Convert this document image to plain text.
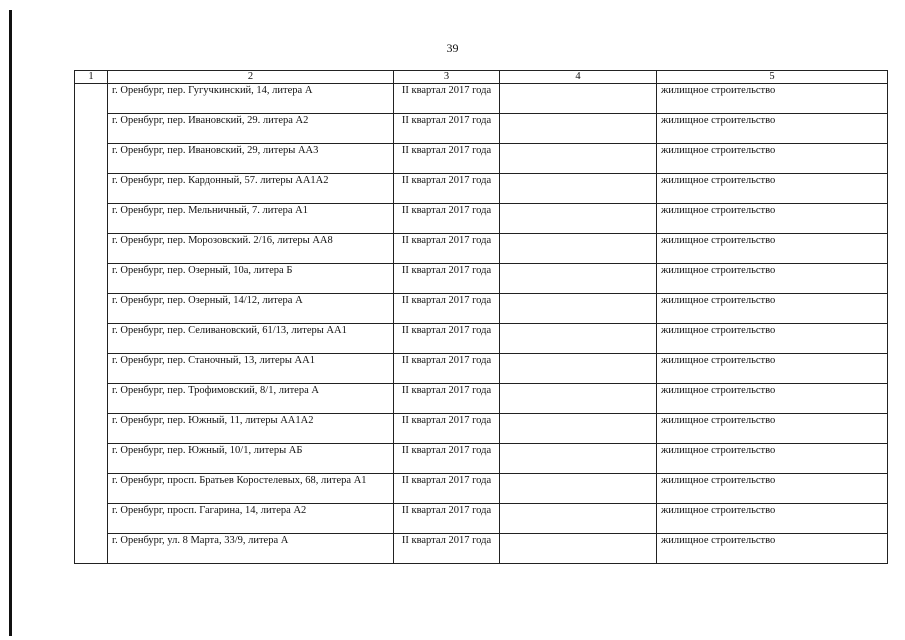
39
1	2	3	4	5
	г. Оренбург, пер. Гугучкинский, 14, литера А	II квартал 2017 года		жилищное строительство
	г. Оренбург, пер. Ивановский, 29. литера А2	II квартал 2017 года		жилищное строительство
	г. Оренбург, пер. Ивановский, 29, литеры АА3	II квартал 2017 года		жилищное строительство
	г. Оренбург, пер. Кардонный, 57. литеры АА1А2	II квартал 2017 года		жилищное строительство
	г. Оренбург, пер. Мельничный, 7. литера А1	II квартал 2017 года		жилищное строительство
	г. Оренбург, пер. Морозовский. 2/16, литеры АА8	II квартал 2017 года		жилищное строительство
	г. Оренбург, пер. Озерный, 10а, литера Б	II квартал 2017 года		жилищное строительство
	г. Оренбург, пер. Озерный, 14/12, литера А	II квартал 2017 года		жилищное строительство
	г. Оренбург, пер. Селивановский, 61/13, литеры АА1	II квартал 2017 года		жилищное строительство
	г. Оренбург, пер. Станочный, 13, литеры АА1	II квартал 2017 года		жилищное строительство
	г. Оренбург, пер. Трофимовский, 8/1, литера А	II квартал 2017 года		жилищное строительство
	г. Оренбург, пер. Южный, 11, литеры АА1А2	II квартал 2017 года		жилищное строительство
	г. Оренбург, пер. Южный, 10/1, литеры АБ	II квартал 2017 года		жилищное строительство
	г. Оренбург, просп. Братьев Коростелевых, 68, литера А1	II квартал 2017 года		жилищное строительство
	г. Оренбург, просп. Гагарина, 14, литера А2	II квартал 2017 года		жилищное строительство
	г. Оренбург, ул. 8 Марта, 33/9, литера А	II квартал 2017 года		жилищное строительство
